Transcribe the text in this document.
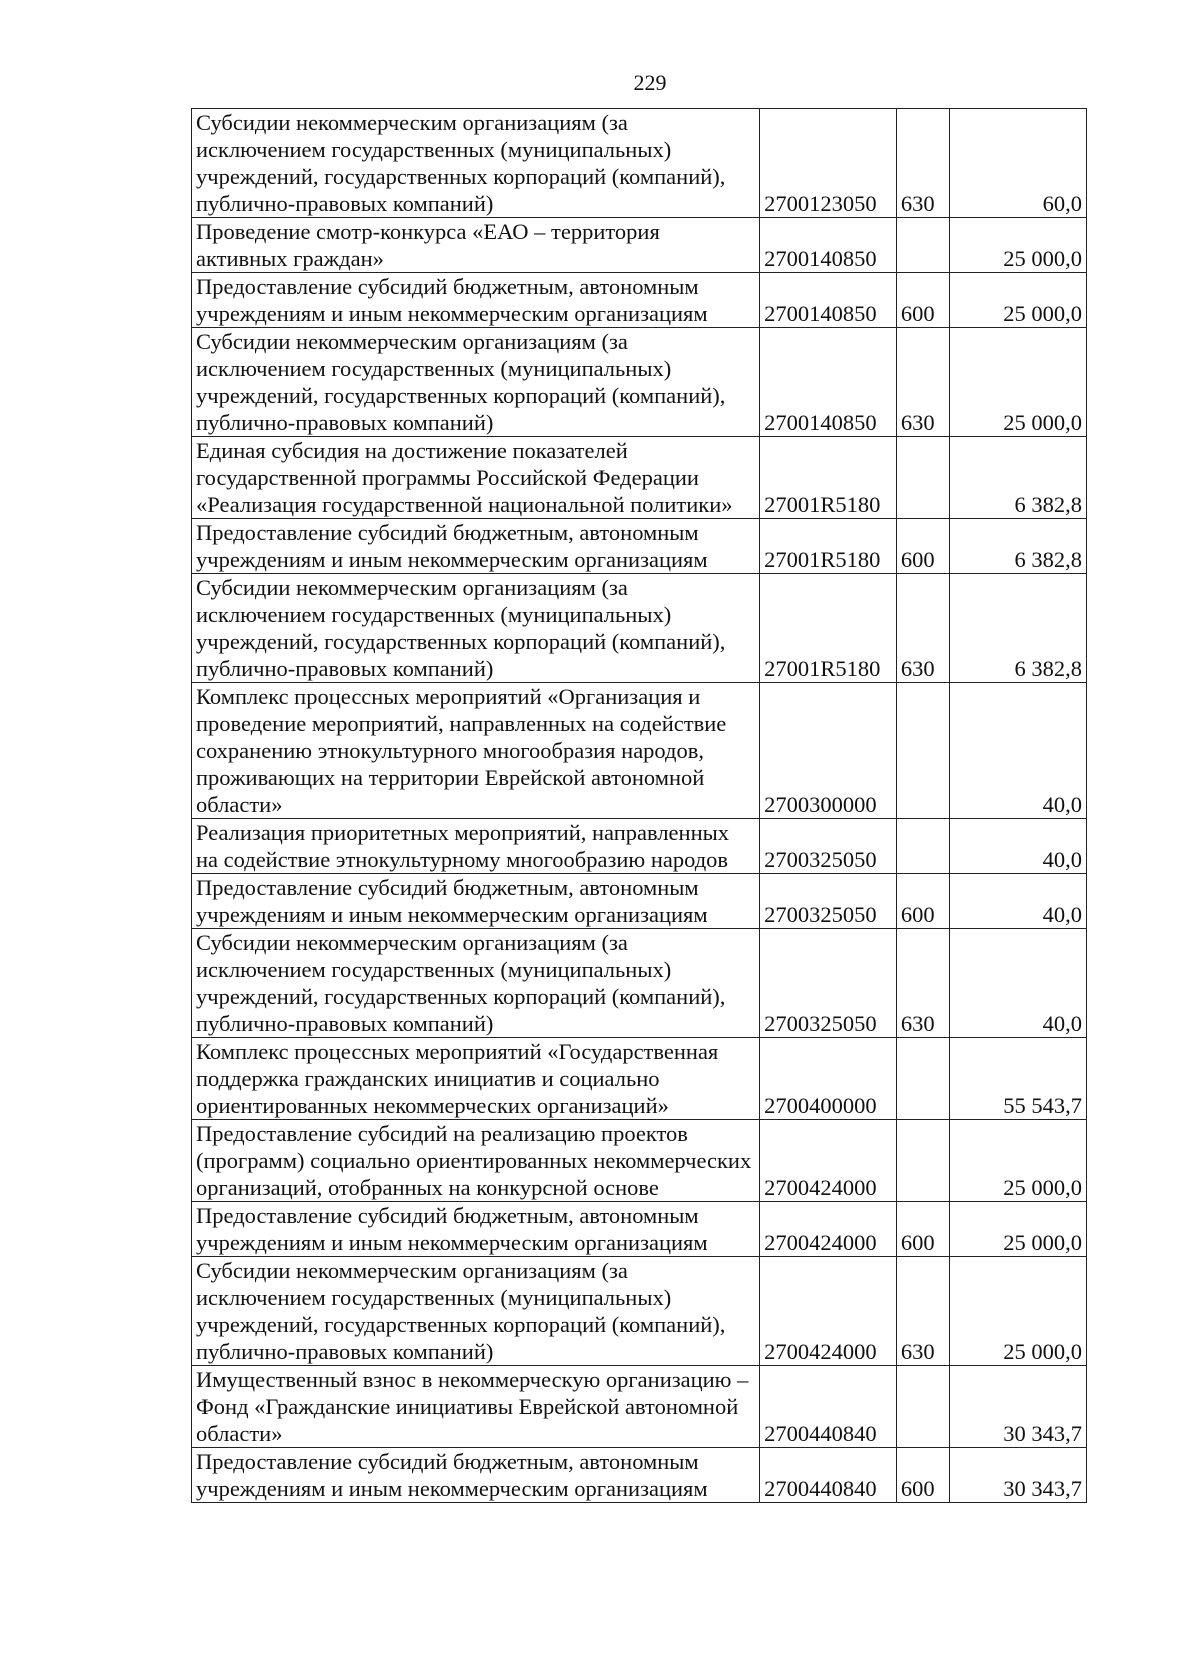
229
Субсидии некоммерческим организациям (за исключением государственных (муниципальных) учреждений, государственных корпораций (компаний), публично-правовых компаний)	2700123050	630	60,0
Проведение смотр-конкурса «ЕАО – территория активных граждан»	2700140850		25 000,0
Предоставление субсидий бюджетным, автономным учреждениям и иным некоммерческим организациям	2700140850	600	25 000,0
Субсидии некоммерческим организациям (за исключением государственных (муниципальных) учреждений, государственных корпораций (компаний), публично-правовых компаний)	2700140850	630	25 000,0
Единая субсидия на достижение показателей государственной программы Российской Федерации «Реализация государственной национальной политики»	27001R5180		6 382,8
Предоставление субсидий бюджетным, автономным учреждениям и иным некоммерческим организациям	27001R5180	600	6 382,8
Субсидии некоммерческим организациям (за исключением государственных (муниципальных) учреждений, государственных корпораций (компаний), публично-правовых компаний)	27001R5180	630	6 382,8
Комплекс процессных мероприятий «Организация и проведение мероприятий, направленных на содействие сохранению этнокультурного многообразия народов, проживающих на территории Еврейской автономной области»	2700300000		40,0
Реализация приоритетных мероприятий, направленных на содействие этнокультурному многообразию народов	2700325050		40,0
Предоставление субсидий бюджетным, автономным учреждениям и иным некоммерческим организациям	2700325050	600	40,0
Субсидии некоммерческим организациям (за исключением государственных (муниципальных) учреждений, государственных корпораций (компаний), публично-правовых компаний)	2700325050	630	40,0
Комплекс процессных мероприятий «Государственная поддержка гражданских инициатив и социально ориентированных некоммерческих организаций»	2700400000		55 543,7
Предоставление субсидий на реализацию проектов (программ) социально ориентированных некоммерческих организаций, отобранных на конкурсной основе	2700424000		25 000,0
Предоставление субсидий бюджетным, автономным учреждениям и иным некоммерческим организациям	2700424000	600	25 000,0
Субсидии некоммерческим организациям (за исключением государственных (муниципальных) учреждений, государственных корпораций (компаний), публично-правовых компаний)	2700424000	630	25 000,0
Имущественный взнос в некоммерческую организацию – Фонд «Гражданские инициативы Еврейской автономной области»	2700440840		30 343,7
Предоставление субсидий бюджетным, автономным учреждениям и иным некоммерческим организациям	2700440840	600	30 343,7
